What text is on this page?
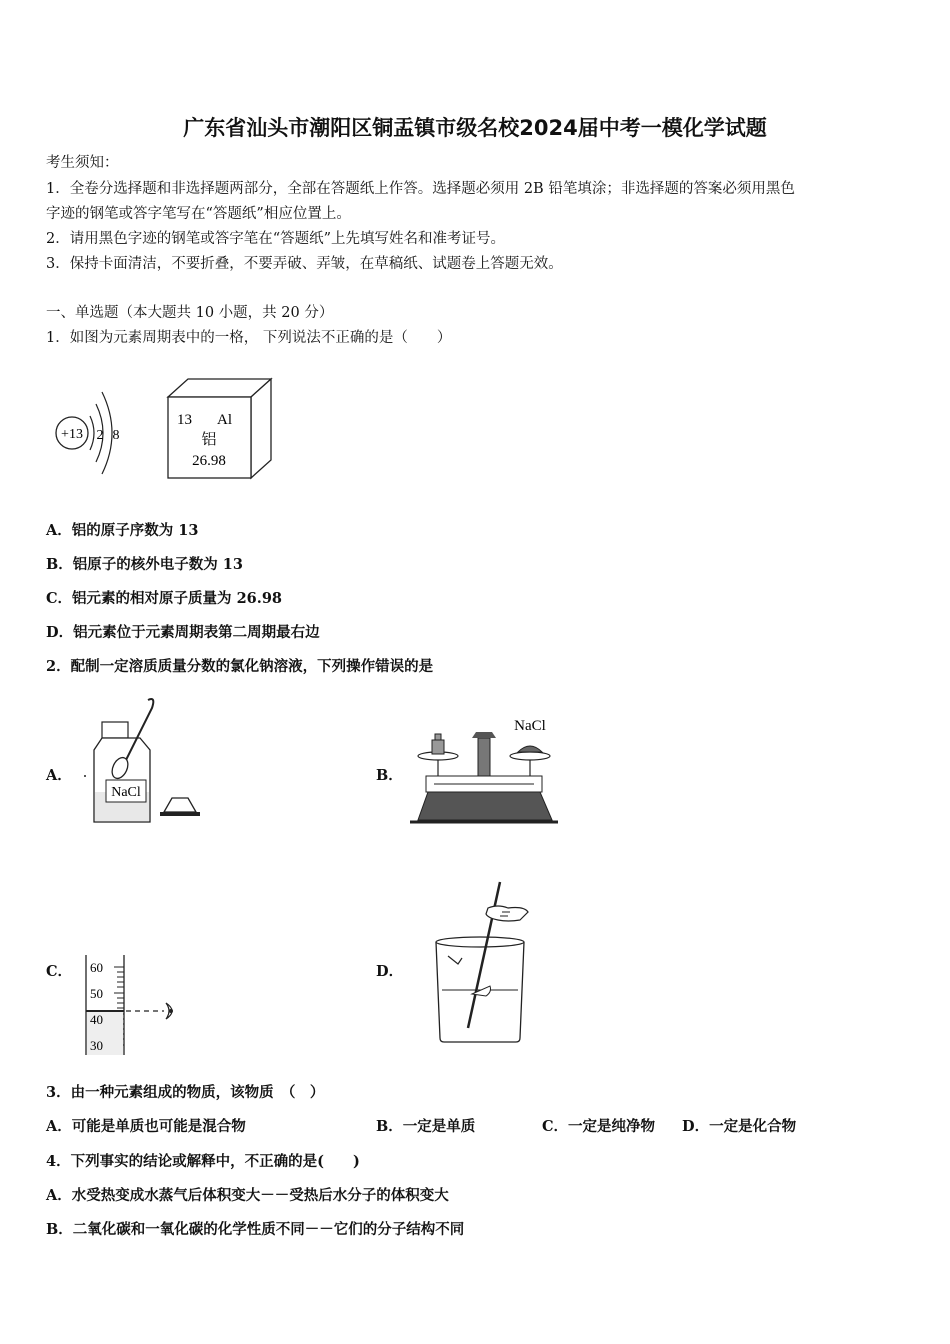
广东省汕头市潮阳区铜盂镇市级名校2024届中考一模化学试题
考生须知：
1．全卷分选择题和非选择题两部分，全部在答题纸上作答。选择题必须用 2B 铅笔填涂；非选择题的答案必须用黑色
字迹的钢笔或答字笔写在“答题纸”相应位置上。
2．请用黑色字迹的钢笔或答字笔在“答题纸”上先填写姓名和准考证号。
3．保持卡面清洁，不要折叠，不要弄破、弄皱，在草稿纸、试题卷上答题无效。
一、单选题（本大题共 10 小题，共 20 分）
1．如图为元素周期表中的一格， 下列说法不正确的是（　　）
+13 2 8
13 Al
铝
26.98
A．铝的原子序数为 13
B．铝原子的核外电子数为 13
C．铝元素的相对原子质量为 26.98
D．铝元素位于元素周期表第二周期最右边
2．配制一定溶质质量分数的氯化钠溶液，下列操作错误的是
A．
NaCl
B．
NaCl
C． 60
50
40
30
D．
3．由一种元素组成的物质，该物质　（　）
A．可能是单质也可能是混合物	B．一定是单质	C．一定是纯净物 D．一定是化合物
4．下列事实的结论或解释中，不正确的是(　　)
A．水受热变成水蒸气后体积变大－－受热后水分子的体积变大
B．二氧化碳和一氧化碳的化学性质不同－－它们的分子结构不同
